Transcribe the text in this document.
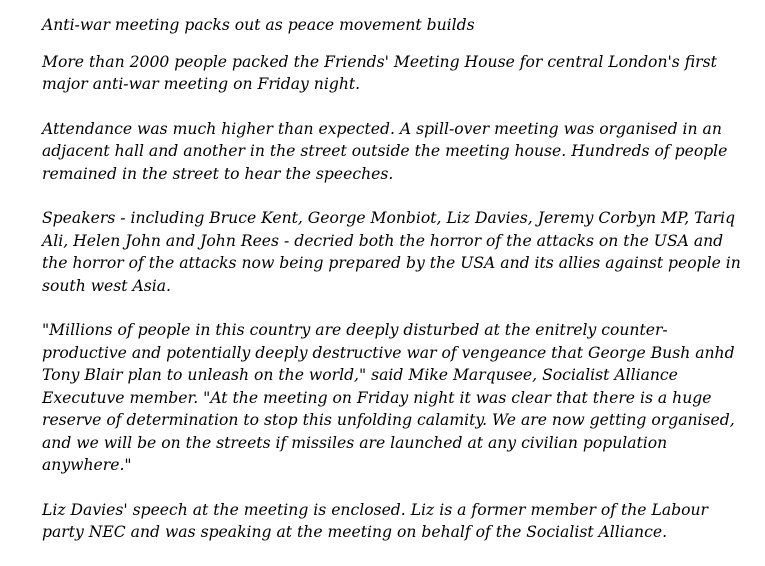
Anti-war meeting packs out as peace movement builds

More than 2000 people packed the Friends' Meeting House for central London's first major anti-war meeting on Friday night.

Attendance was much higher than expected. A spill-over meeting was organised in an adjacent hall and another in the street outside the meeting house. Hundreds of people remained in the street to hear the speeches.

Speakers - including Bruce Kent, George Monbiot, Liz Davies, Jeremy Corbyn MP, Tariq Ali, Helen John and John Rees - decried both the horror of the attacks on the USA and the horror of the attacks now being prepared by the USA and its allies against people in south west Asia.

"Millions of people in this country are deeply disturbed at the enitrely counter-productive and potentially deeply destructive war of vengeance that George Bush anhd Tony Blair plan to unleash on the world," said Mike Marqusee, Socialist Alliance Executuve member. "At the meeting on Friday night it was clear that there is a huge reserve of determination to stop this unfolding calamity. We are now getting organised, and we will be on the streets if missiles are launched at any civilian population anywhere."

Liz Davies' speech at the meeting is enclosed. Liz is a former member of the Labour party NEC and was speaking at the meeting on behalf of the Socialist Alliance.
